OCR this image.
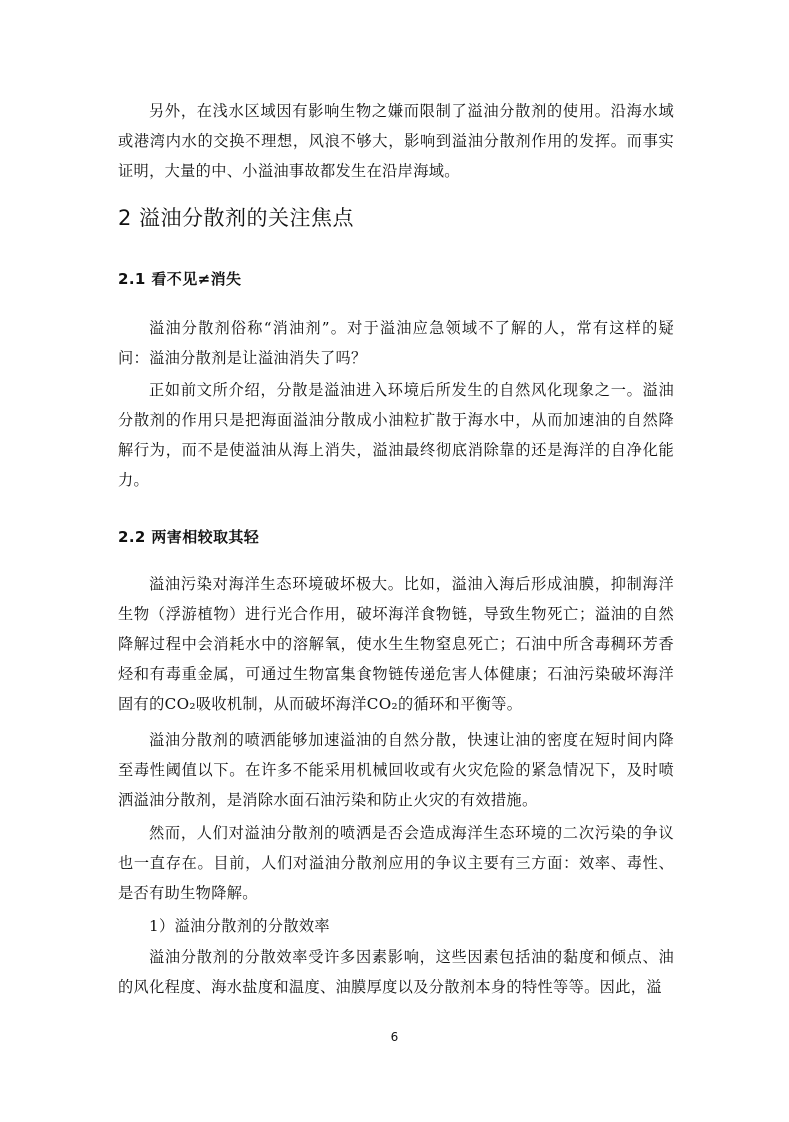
另外，在浅水区域因有影响生物之嫌而限制了溢油分散剂的使用。沿海水域或港湾内水的交换不理想，风浪不够大，影响到溢油分散剂作用的发挥。而事实证明，大量的中、小溢油事故都发生在沿岸海域。

2 溢油分散剂的关注焦点
2.1 看不见≠消失

溢油分散剂俗称“消油剂”。对于溢油应急领域不了解的人，常有这样的疑问：溢油分散剂是让溢油消失了吗？

正如前文所介绍，分散是溢油进入环境后所发生的自然风化现象之一。溢油分散剂的作用只是把海面溢油分散成小油粒扩散于海水中，从而加速油的自然降解行为，而不是使溢油从海上消失，溢油最终彻底消除靠的还是海洋的自净化能力。

2.2 两害相较取其轻

溢油污染对海洋生态环境破坏极大。比如，溢油入海后形成油膜，抑制海洋生物（浮游植物）进行光合作用，破坏海洋食物链，导致生物死亡；溢油的自然降解过程中会消耗水中的溶解氧，使水生生物窒息死亡；石油中所含毒稠环芳香烃和有毒重金属，可通过生物富集食物链传递危害人体健康；石油污染破坏海洋固有的CO₂吸收机制，从而破坏海洋CO₂的循环和平衡等。

溢油分散剂的喷洒能够加速溢油的自然分散，快速让油的密度在短时间内降至毒性阈值以下。在许多不能采用机械回收或有火灾危险的紧急情况下，及时喷洒溢油分散剂，是消除水面石油污染和防止火灾的有效措施。

然而，人们对溢油分散剂的喷洒是否会造成海洋生态环境的二次污染的争议也一直存在。目前，人们对溢油分散剂应用的争议主要有三方面：效率、毒性、是否有助生物降解。

1）溢油分散剂的分散效率

溢油分散剂的分散效率受许多因素影响，这些因素包括油的黏度和倾点、油的风化程度、海水盐度和温度、油膜厚度以及分散剂本身的特性等等。因此，溢

6
